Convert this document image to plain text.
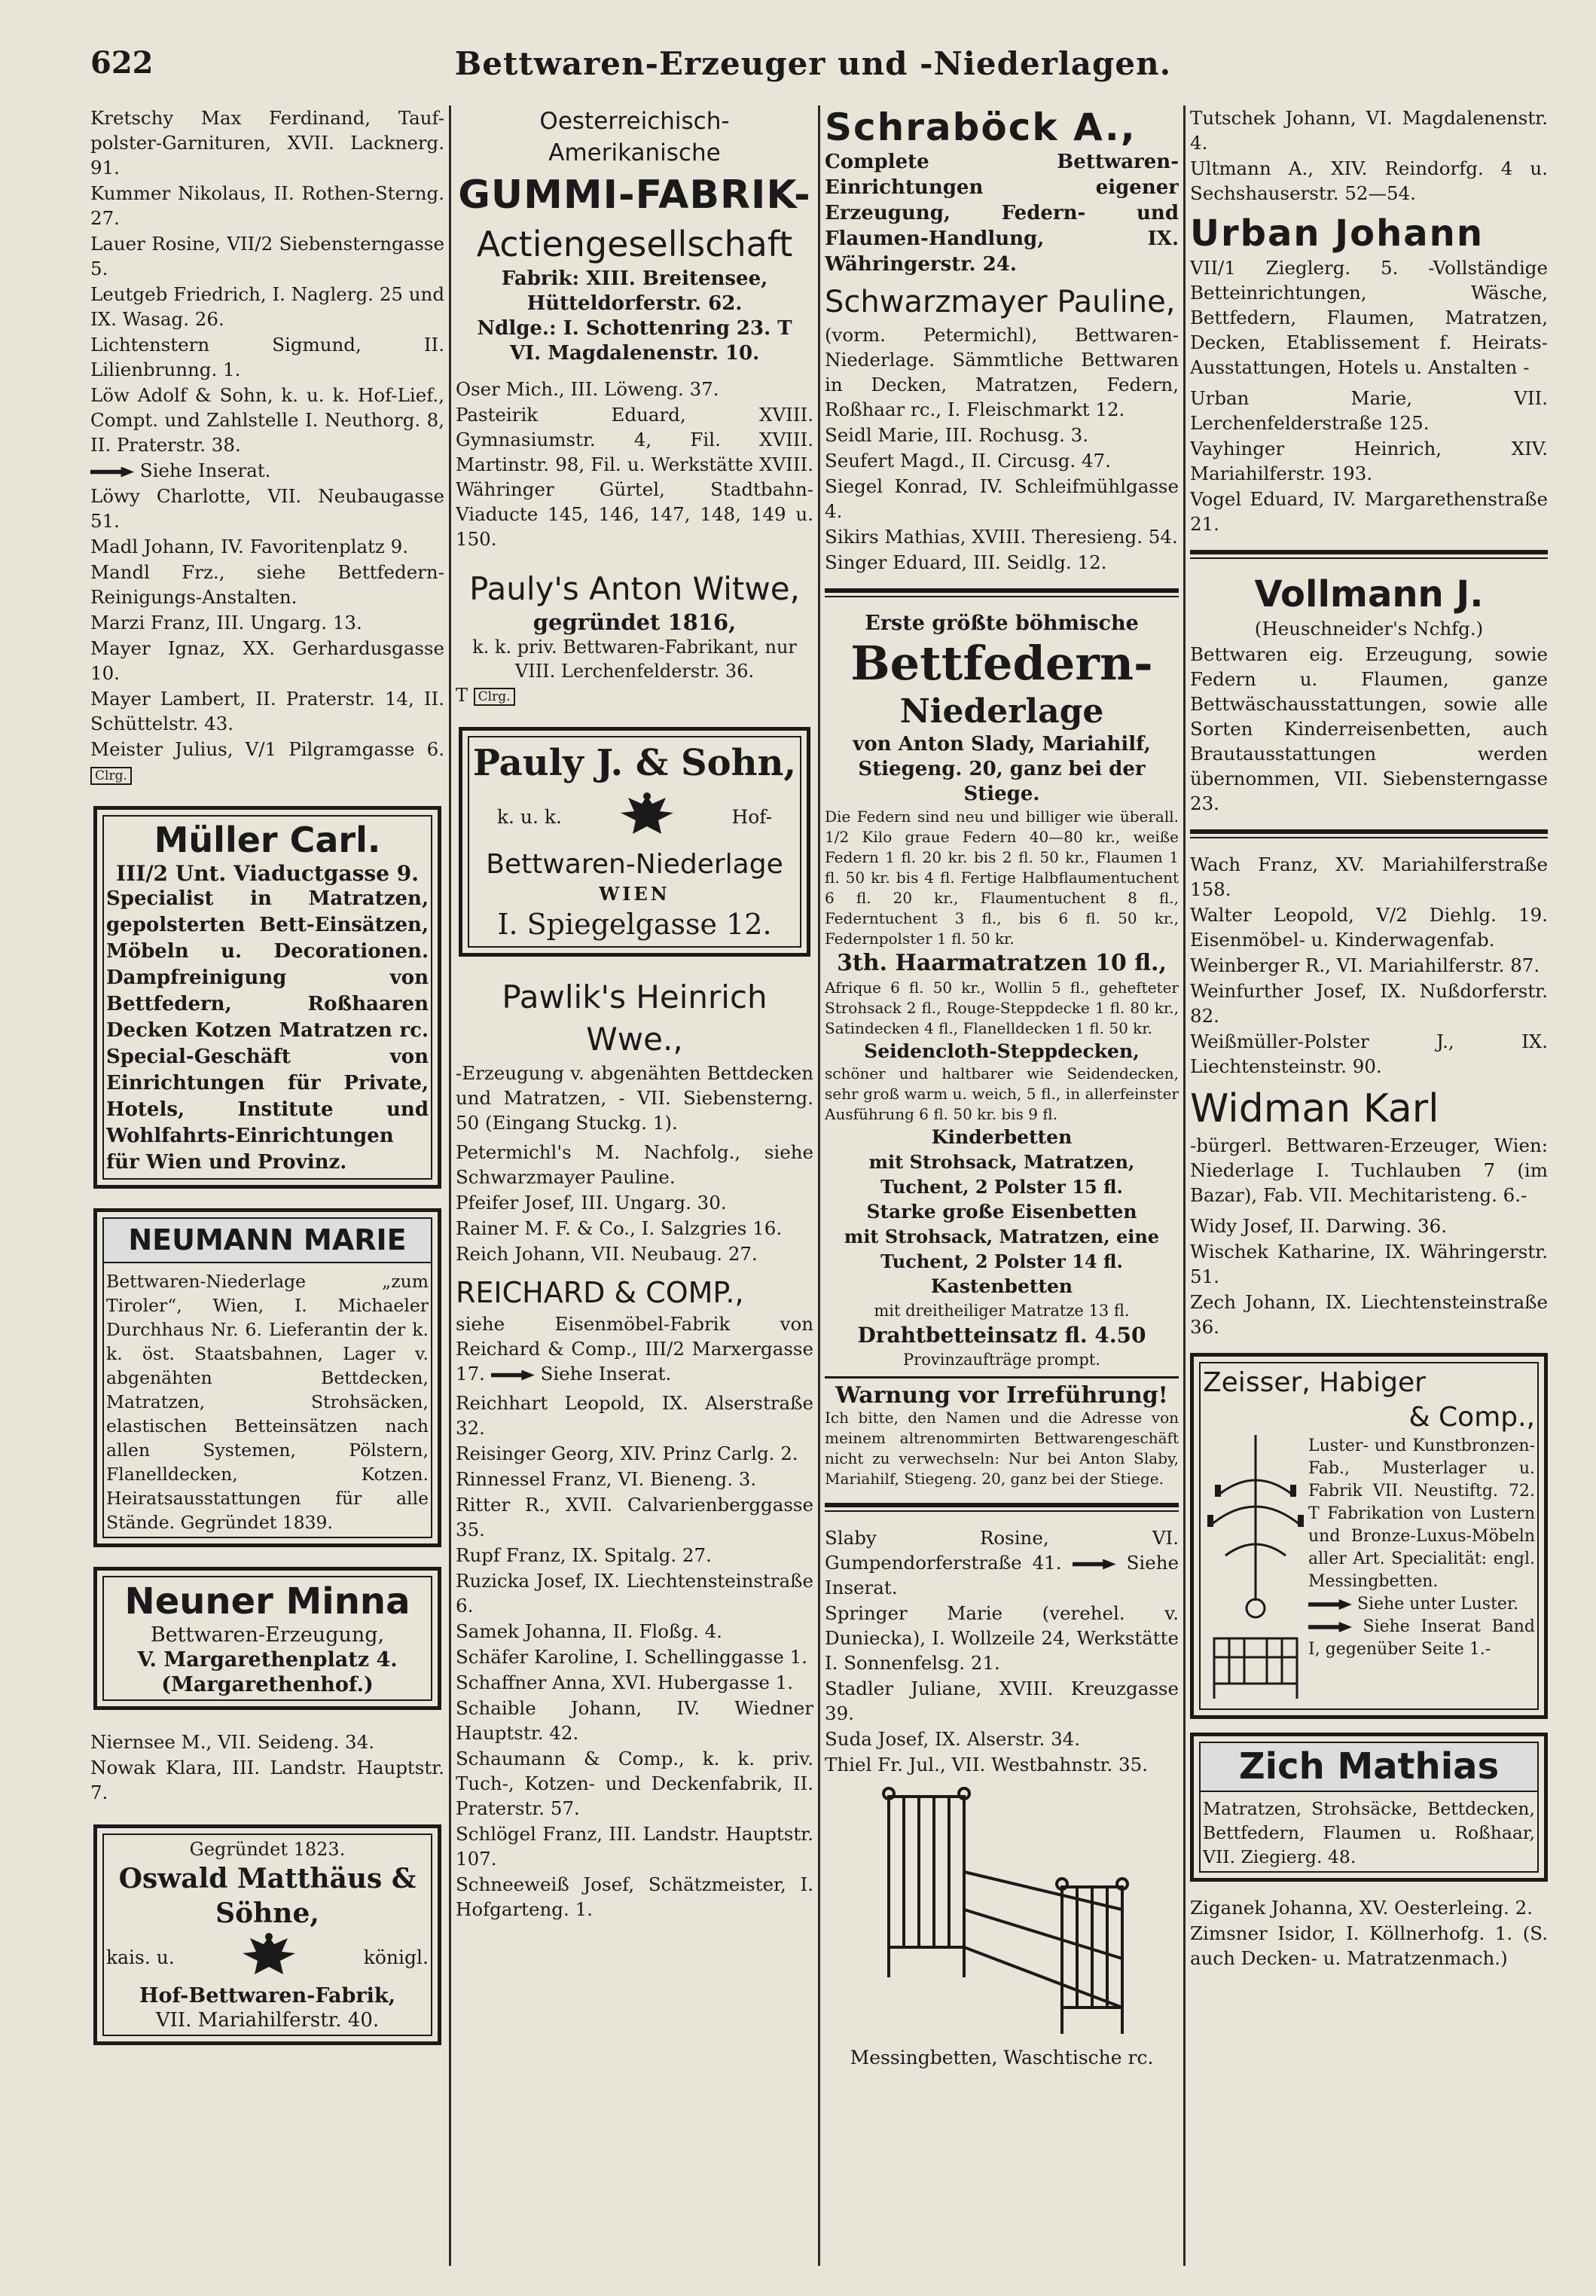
622	Bettwaren-Erzeuger und -Niederlagen.

Kretschy Max Ferdinand, Tauf-polster-Garnituren, XVII. Lacknerg. 91.

Kummer Nikolaus, II. Rothen-Sterng. 27.

Lauer Rosine, VII/2 Siebensterngasse 5.

Leutgeb Friedrich, I. Naglerg. 25 und IX. Wasag. 26.

Lichtenstern Sigmund, II. Lilienbrunng. 1.

Löw Adolf & Sohn, k. u. k. Hof-Lief., Compt. und Zahlstelle I. Neuthorg. 8, II. Praterstr. 38.

Siehe Inserat.

Löwy Charlotte, VII. Neubaugasse 51.

Madl Johann, IV. Favoritenplatz 9.

Mandl Frz., siehe Bettfedern-Reinigungs-Anstalten.

Marzi Franz, III. Ungarg. 13.

Mayer Ignaz, XX. Gerhardusgasse 10.

Mayer Lambert, II. Praterstr. 14, II. Schüttelstr. 43.

Meister Julius, V/1 Pilgramgasse 6. Clrg.

Müller Carl.

III/2 Unt. Viaductgasse 9.

Specialist in Matratzen, gepolsterten Bett-Einsätzen, Möbeln u. Decorationen. Dampfreinigung von Bettfedern, Roßhaaren Decken Kotzen Matratzen rc. Special-Geschäft von Einrichtungen für Private, Hotels, Institute und Wohlfahrts-Einrichtungen für Wien und Provinz.

NEUMANN MARIE

Bettwaren-Niederlage „zum Tiroler“, Wien, I. Michaeler Durchhaus Nr. 6. Lieferantin der k. k. öst. Staatsbahnen, Lager v. abgenähten Bettdecken, Matratzen, Strohsäcken, elastischen Betteinsätzen nach allen Systemen, Pölstern, Flanelldecken, Kotzen. Heiratsausstattungen für alle Stände. Gegründet 1839.

Neuner Minna

Bettwaren-Erzeugung,

V. Margarethenplatz 4.

(Margarethenhof.)

Niernsee M., VII. Seideng. 34.

Nowak Klara, III. Landstr. Hauptstr. 7.

Gegründet 1823.

Oswald Matthäus & Söhne,
kais. u.	königl.

Hof-Bettwaren-Fabrik,

VII. Mariahilferstr. 40.

Oesterreichisch-Amerikanische
GUMMI-FABRIK-
Actiengesellschaft

Fabrik: XIII. Breitensee, Hütteldorferstr. 62.

Ndlge.: I. Schottenring 23. T

VI. Magdalenenstr. 10.

Oser Mich., III. Löweng. 37.

Pasteirik Eduard, XVIII. Gymnasiumstr. 4, Fil. XVIII. Martinstr. 98, Fil. u. Werkstätte XVIII. Währinger Gürtel, Stadtbahn-Viaducte 145, 146, 147, 148, 149 u. 150.

Pauly's Anton Witwe,

gegründet 1816,

k. k. priv. Bettwaren-Fabrikant, nur VIII. Lerchenfelderstr. 36.

T Clrg.

Pauly J. & Sohn,
k. u. k.	Hof-
Bettwaren-Niederlage
WIEN
I. Spiegelgasse 12.
Pawlik's Heinrich Wwe.,

-Erzeugung v. abgenähten Bettdecken und Matratzen, - VII. Siebensterng. 50 (Eingang Stuckg. 1).

Petermichl's M. Nachfolg., siehe Schwarzmayer Pauline.

Pfeifer Josef, III. Ungarg. 30.

Rainer M. F. & Co., I. Salzgries 16.

Reich Johann, VII. Neubaug. 27.

REICHARD & COMP.,

siehe Eisenmöbel-Fabrik von Reichard & Comp., III/2 Marxergasse 17.	Siehe Inserat.

Reichhart Leopold, IX. Alserstraße 32.

Reisinger Georg, XIV. Prinz Carlg. 2.

Rinnessel Franz, VI. Bieneng. 3.

Ritter R., XVII. Calvarienberggasse 35.

Rupf Franz, IX. Spitalg. 27.

Ruzicka Josef, IX. Liechtensteinstraße 6.

Samek Johanna, II. Floßg. 4.

Schäfer Karoline, I. Schellinggasse 1.

Schaffner Anna, XVI. Hubergasse 1.

Schaible Johann, IV. Wiedner Hauptstr. 42.

Schaumann & Comp., k. k. priv. Tuch-, Kotzen- und Deckenfabrik, II. Praterstr. 57.

Schlögel Franz, III. Landstr. Hauptstr. 107.

Schneeweiß Josef, Schätzmeister, I. Hofgarteng. 1.

Schraböck A.,

Complete Bettwaren-Einrichtungen eigener Erzeugung, Federn- und Flaumen-Handlung, IX. Währingerstr. 24.

Schwarzmayer Pauline,

(vorm. Petermichl), Bettwaren-Niederlage. Sämmtliche Bettwaren in Decken, Matratzen, Federn, Roßhaar rc., I. Fleischmarkt 12.

Seidl Marie, III. Rochusg. 3.

Seufert Magd., II. Circusg. 47.

Siegel Konrad, IV. Schleifmühlgasse 4.

Sikirs Mathias, XVIII. Theresieng. 54.

Singer Eduard, III. Seidlg. 12.

Erste größte böhmische

Bettfedern-
Niederlage

von Anton Slady, Mariahilf, Stiegeng. 20, ganz bei der Stiege.

Die Federn sind neu und billiger wie überall. 1/2 Kilo graue Federn 40—80 kr., weiße Federn 1 fl. 20 kr. bis 2 fl. 50 kr., Flaumen 1 fl. 50 kr. bis 4 fl. Fertige Halbflaumentuchent 6 fl. 20 kr., Flaumentuchent 8 fl., Federntuchent 3 fl., bis 6 fl. 50 kr., Federnpolster 1 fl. 50 kr.

3th. Haarmatratzen 10 fl.,

Afrique 6 fl. 50 kr., Wollin 5 fl., gehefteter Strohsack 2 fl., Rouge-Steppdecke 1 fl. 80 kr., Satindecken 4 fl., Flanelldecken 1 fl. 50 kr.

Seidencloth-Steppdecken,

schöner und haltbarer wie Seidendecken, sehr groß warm u. weich, 5 fl., in allerfeinster Ausführung 6 fl. 50 kr. bis 9 fl.

Kinderbetten

mit Strohsack, Matratzen, Tuchent, 2 Polster 15 fl.

Starke große Eisenbetten

mit Strohsack, Matratzen, eine Tuchent, 2 Polster 14 fl.

Kastenbetten

mit dreitheiliger Matratze 13 fl.

Drahtbetteinsatz fl. 4.50

Provinzaufträge prompt.

Warnung vor Irreführung!

Ich bitte, den Namen und die Adresse von meinem altrenommirten Bettwarengeschäft nicht zu verwechseln: Nur bei Anton Slaby, Mariahilf, Stiegeng. 20, ganz bei der Stiege.

Slaby Rosine, VI. Gumpendorferstraße 41.	Siehe Inserat.

Springer Marie (verehel. v. Duniecka), I. Wollzeile 24, Werkstätte I. Sonnenfelsg. 21.

Stadler Juliane, XVIII. Kreuzgasse 39.

Suda Josef, IX. Alserstr. 34.

Thiel Fr. Jul., VII. Westbahnstr. 35.

Messingbetten, Waschtische rc.

Tutschek Johann, VI. Magdalenenstr. 4.

Ultmann A., XIV. Reindorfg. 4 u. Sechshauserstr. 52—54.

Urban Johann

VII/1 Zieglerg. 5. -Vollständige Betteinrichtungen, Wäsche, Bettfedern, Flaumen, Matratzen, Decken, Etablissement f. Heirats-Ausstattungen, Hotels u. Anstalten -

Urban Marie, VII. Lerchenfelderstraße 125.

Vayhinger Heinrich, XIV. Mariahilferstr. 193.

Vogel Eduard, IV. Margarethenstraße 21.

Vollmann J.

(Heuschneider's Nchfg.)

Bettwaren eig. Erzeugung, sowie Federn u. Flaumen, ganze Bettwäschausstattungen, sowie alle Sorten Kinderreisenbetten, auch Brautausstattungen werden übernommen, VII. Siebensterngasse 23.

Wach Franz, XV. Mariahilferstraße 158.

Walter Leopold, V/2 Diehlg. 19. Eisenmöbel- u. Kinderwagenfab.

Weinberger R., VI. Mariahilferstr. 87.

Weinfurther Josef, IX. Nußdorferstr. 82.

Weißmüller-Polster J., IX. Liechtensteinstr. 90.

Widman Karl

-bürgerl. Bettwaren-Erzeuger, Wien: Niederlage I. Tuchlauben 7 (im Bazar), Fab. VII. Mechitaristeng. 6.-

Widy Josef, II. Darwing. 36.

Wischek Katharine, IX. Währingerstr. 51.

Zech Johann, IX. Liechtensteinstraße 36.

Zeisser, Habiger
& Comp.,

Luster- und Kunstbronzen-Fab., Musterlager u. Fabrik VII. Neustiftg. 72. T Fabrikation von Lustern und Bronze-Luxus-Möbeln aller Art. Specialität: engl. Messingbetten.

Siehe unter Luster.

Siehe Inserat Band I, gegenüber Seite 1.-

Zich Mathias

Matratzen, Strohsäcke, Bettdecken, Bettfedern, Flaumen u. Roßhaar, VII. Ziegierg. 48.

Ziganek Johanna, XV. Oesterleing. 2.

Zimsner Isidor, I. Köllnerhofg. 1. (S. auch Decken- u. Matratzenmach.)
